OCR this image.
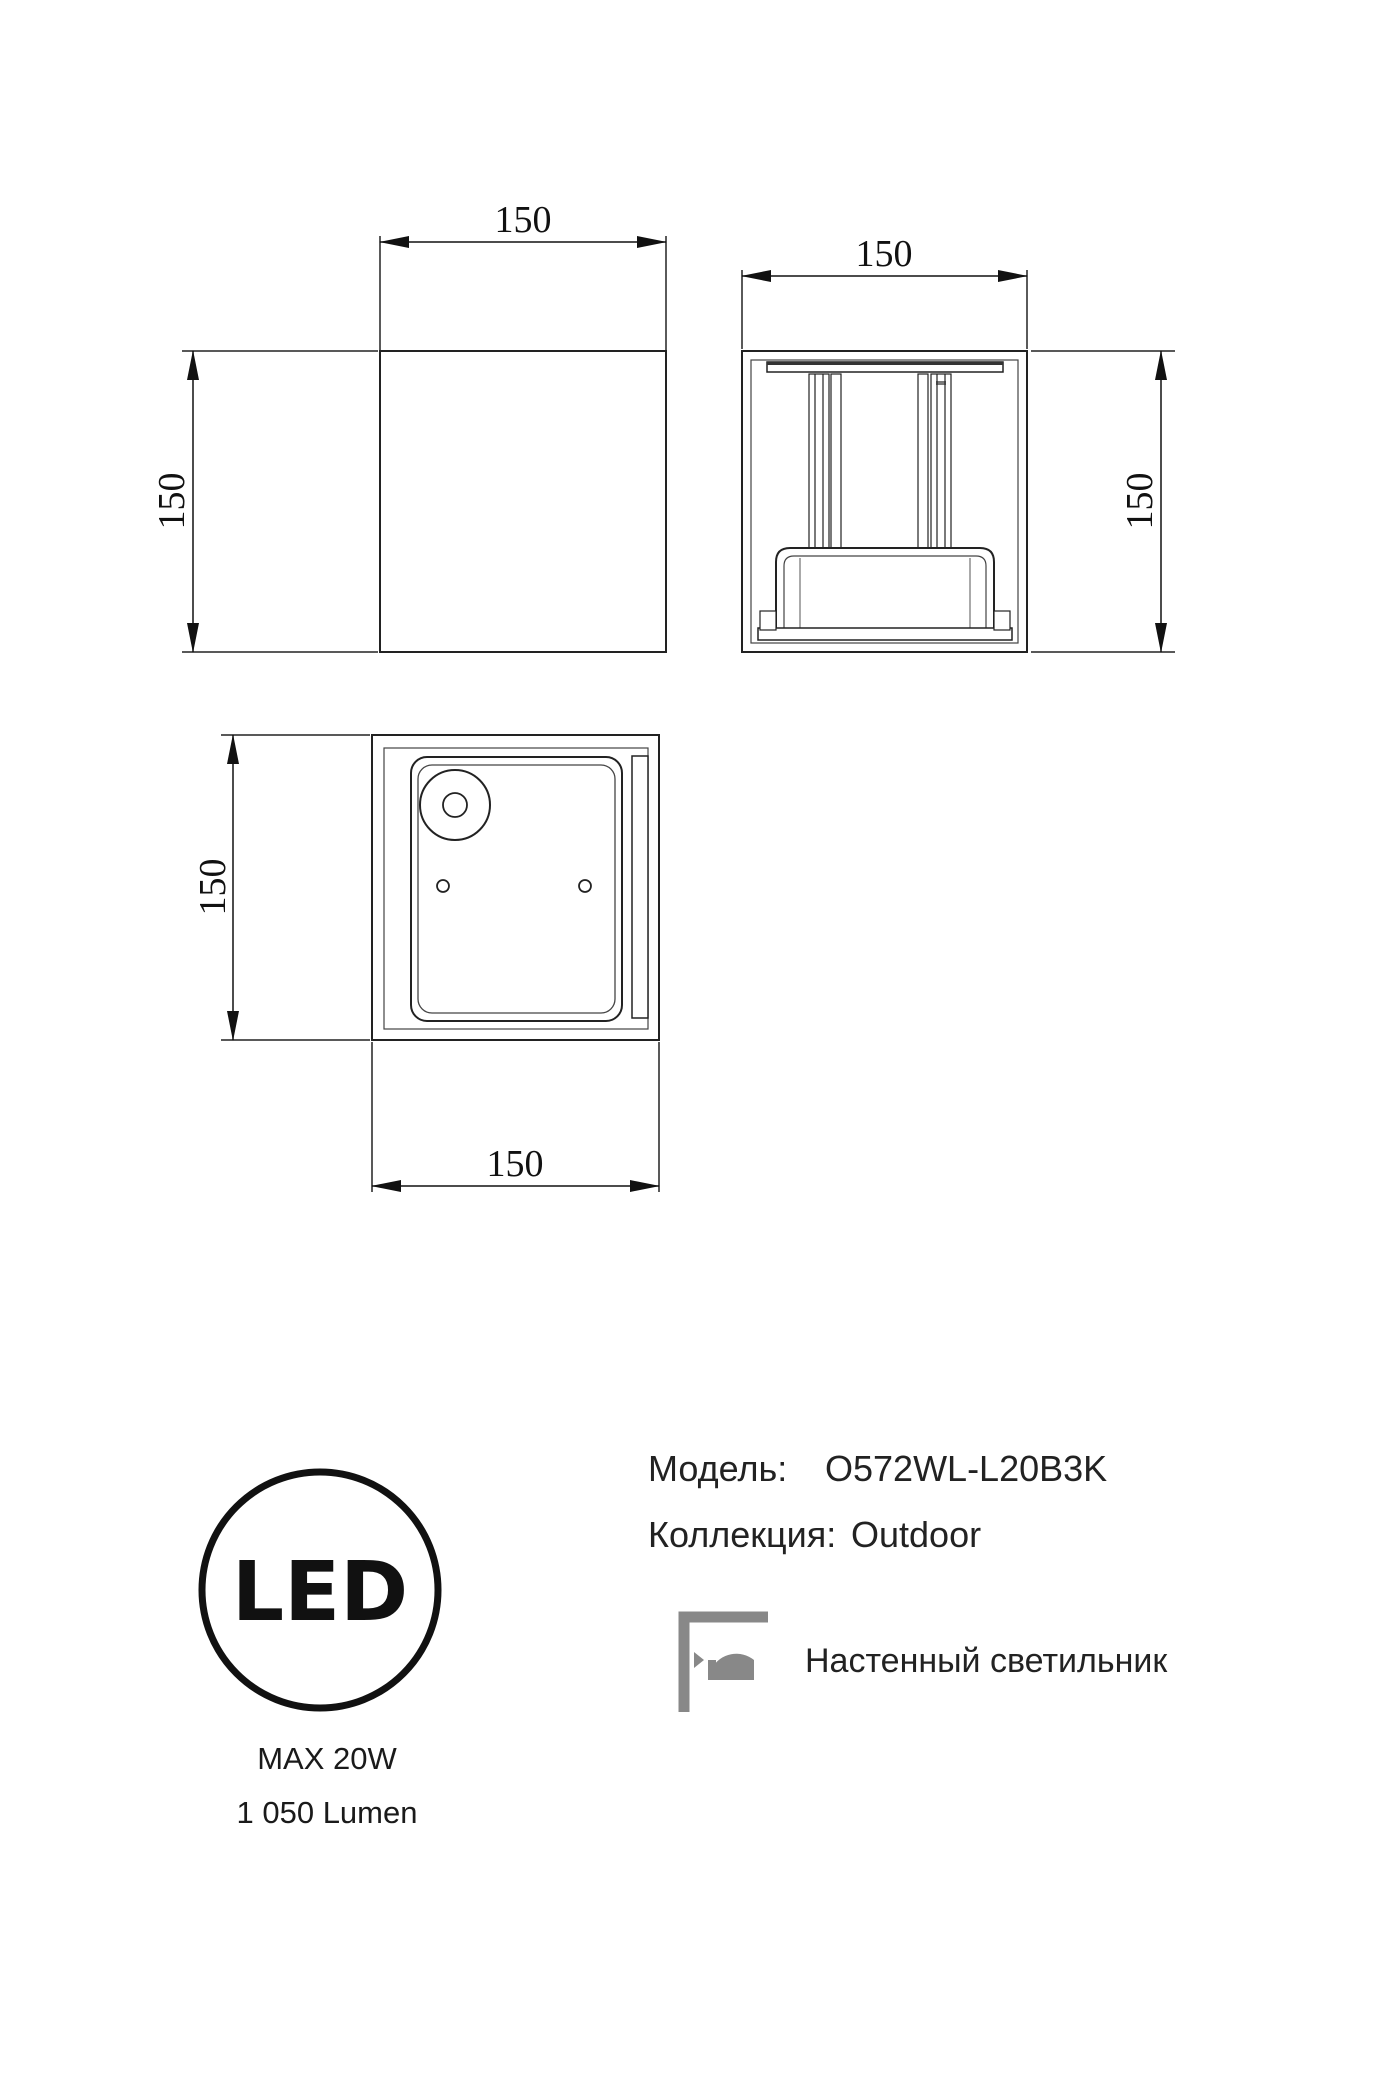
150
150
150
150
150
150
LED
MAX 20W
1 050 Lumen
Модель: O572WL-L20B3K
Коллекция: Outdoor
Настенный светильник
